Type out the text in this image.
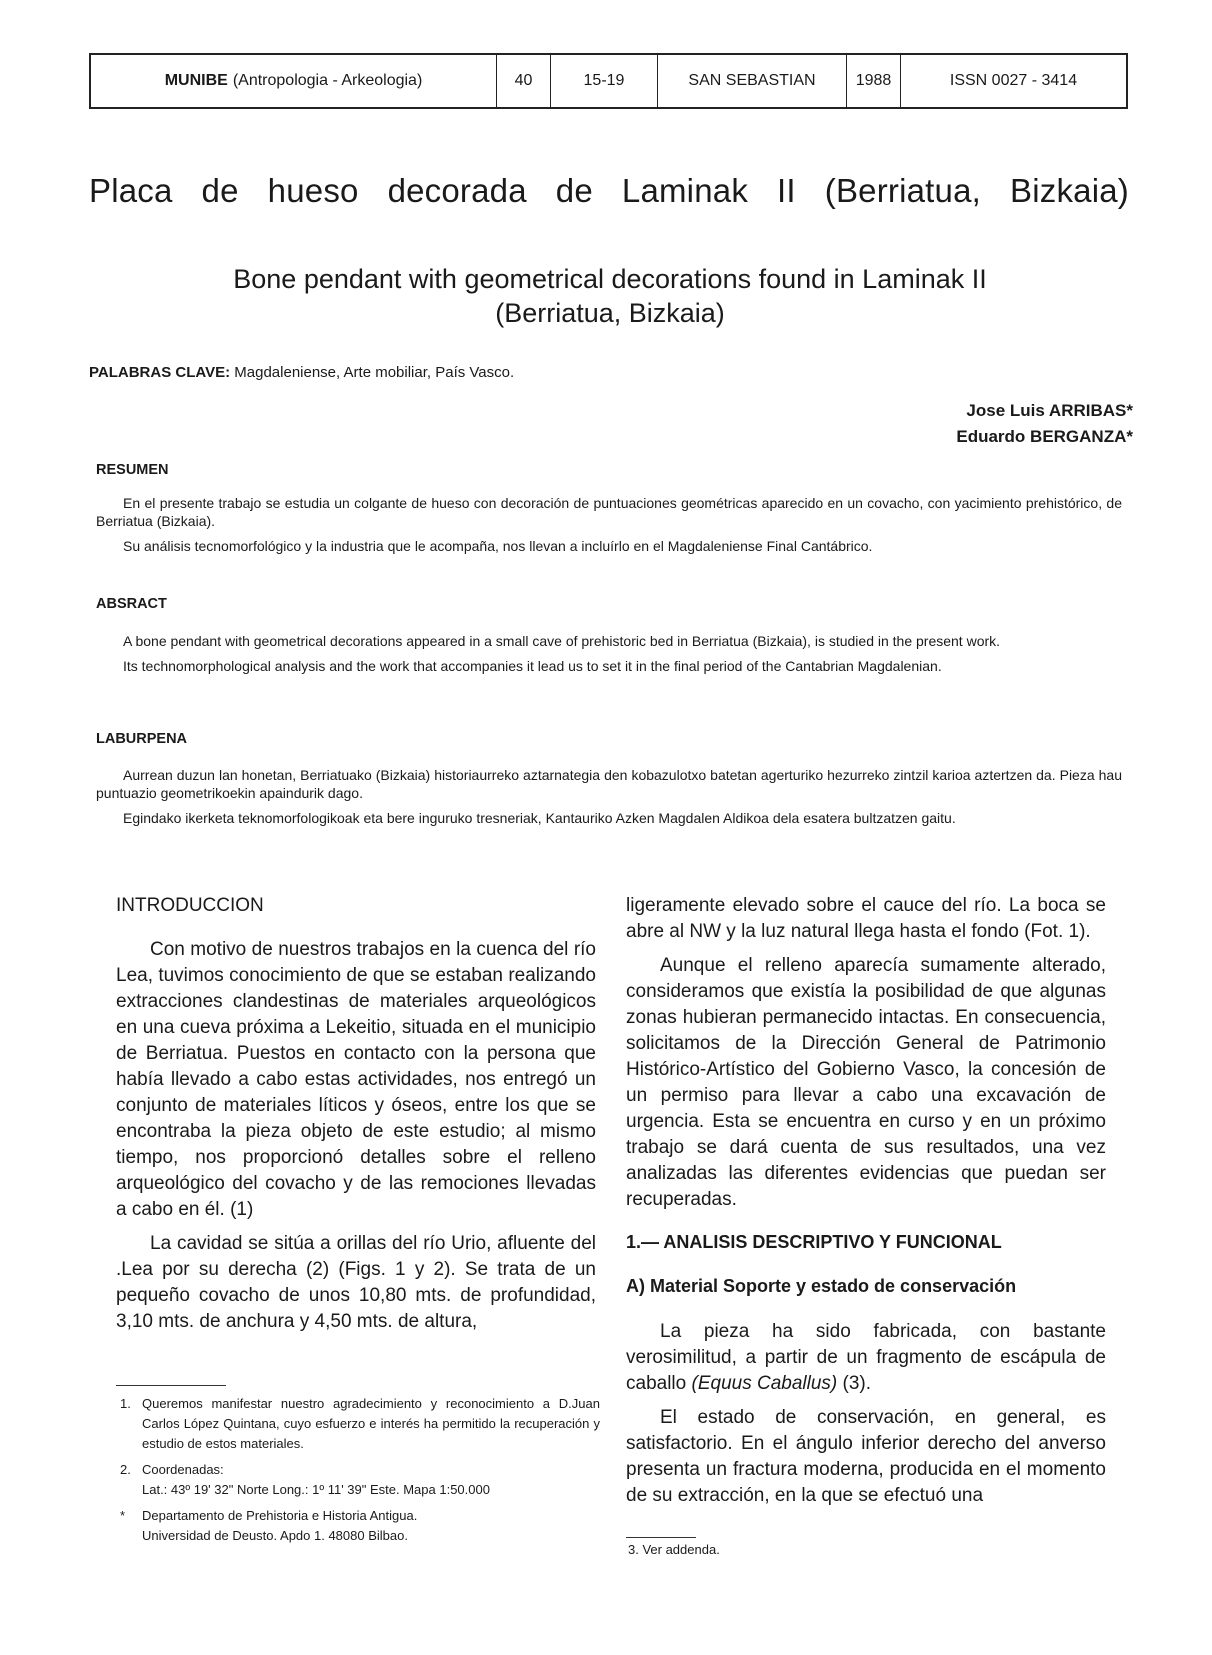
MUNIBE (Antropologia - Arkeologia)	40	15-19	SAN SEBASTIAN	1988	ISSN 0027 - 3414
Placa de hueso decorada de Laminak II (Berriatua, Bizkaia)
Bone pendant with geometrical decorations found in Laminak II
(Berriatua, Bizkaia)
PALABRAS CLAVE: Magdaleniense, Arte mobiliar, País Vasco.
Jose Luis ARRIBAS*
Eduardo BERGANZA*
RESUMEN

En el presente trabajo se estudia un colgante de hueso con decoración de puntuaciones geométricas aparecido en un covacho, con yacimiento prehistórico, de Berriatua (Bizkaia).

Su análisis tecnomorfológico y la industria que le acompaña, nos llevan a incluírlo en el Magdaleniense Final Cantábrico.

ABSRACT

A bone pendant with geometrical decorations appeared in a small cave of prehistoric bed in Berriatua (Bizkaia), is studied in the present work.

Its technomorphological analysis and the work that accompanies it lead us to set it in the final period of the Cantabrian Magdalenian.

LABURPENA

Aurrean duzun lan honetan, Berriatuako (Bizkaia) historiaurreko aztarnategia den kobazulotxo batetan agerturiko hezurreko zintzil karioa aztertzen da. Pieza hau puntuazio geometrikoekin apaindurik dago.

Egindako ikerketa teknomorfologikoak eta bere inguruko tresneriak, Kantauriko Azken Magdalen Aldikoa dela esatera bultzatzen gaitu.

INTRODUCCION

Con motivo de nuestros trabajos en la cuenca del río Lea, tuvimos conocimiento de que se estaban realizando extracciones clandestinas de materiales arqueológicos en una cueva próxima a Lekeitio, situada en el municipio de Berriatua. Puestos en contacto con la persona que había llevado a cabo estas actividades, nos entregó un conjunto de materiales líticos y óseos, entre los que se encontraba la pieza objeto de este estudio; al mismo tiempo, nos proporcionó detalles sobre el relleno arqueológico del covacho y de las remociones llevadas a cabo en él. (1)

La cavidad se sitúa a orillas del río Urio, afluente del .Lea por su derecha (2) (Figs. 1 y 2). Se trata de un pequeño covacho de unos 10,80 mts. de profundidad, 3,10 mts. de anchura y 4,50 mts. de altura,

1. Queremos manifestar nuestro agradecimiento y reconocimiento a D.Juan Carlos López Quintana, cuyo esfuerzo e interés ha permitido la recuperación y estudio de estos materiales.
2. Coordenadas:
Lat.: 43º 19' 32" Norte Long.: 1º 11' 39" Este. Mapa 1:50.000
*	Departamento de Prehistoria e Historia Antigua.
Universidad de Deusto. Apdo 1. 48080 Bilbao.

ligeramente elevado sobre el cauce del río. La boca se abre al NW y la luz natural llega hasta el fondo (Fot. 1).

Aunque el relleno aparecía sumamente alterado, consideramos que existía la posibilidad de que algunas zonas hubieran permanecido intactas. En consecuencia, solicitamos de la Dirección General de Patrimonio Histórico-Artístico del Gobierno Vasco, la concesión de un permiso para llevar a cabo una excavación de urgencia. Esta se encuentra en curso y en un próximo trabajo se dará cuenta de sus resultados, una vez analizadas las diferentes evidencias que puedan ser recuperadas.

1.— ANALISIS DESCRIPTIVO Y FUNCIONAL

A) Material Soporte y estado de conservación

La pieza ha sido fabricada, con bastante verosimilitud, a partir de un fragmento de escápula de caballo (Equus Caballus) (3).

El estado de conservación, en general, es satisfactorio. En el ángulo inferior derecho del anverso presenta un fractura moderna, producida en el momento de su extracción, en la que se efectuó una

3. Ver addenda.
